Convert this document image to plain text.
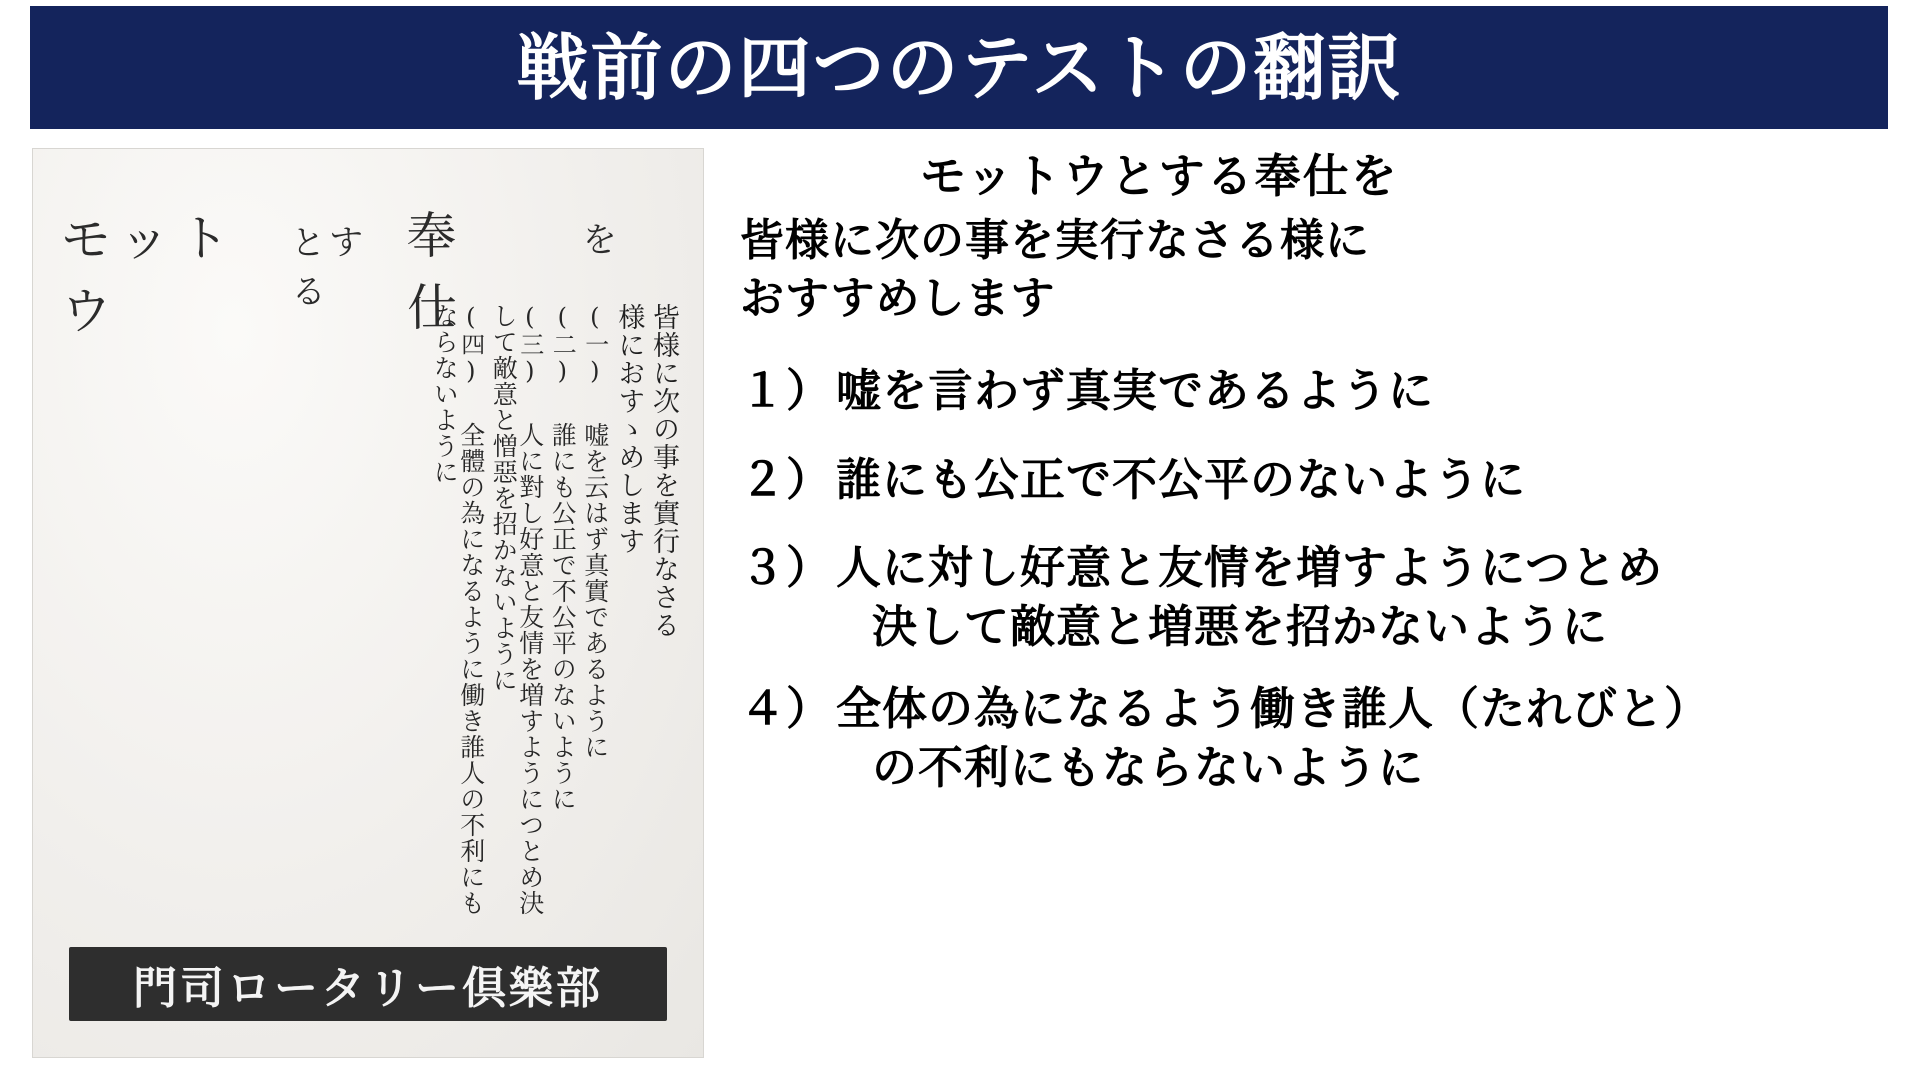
戦前の四つのテストの翻訳
モットウ
とする
奉　仕
を
皆様に次の事を實行なさる
様におすゝめします
(一) 嘘を云はず真實であるように
(二) 誰にも公正で不公平のないように
(三) 人に對し好意と友情を増すようにつとめ決して敵意と憎惡を招かないように
(四) 全體の為になるように働き誰人の不利にもならないように
門司ロータリー倶樂部
モットウとする奉仕を
皆様に次の事を実行なさる様に
おすすめします
１） 嘘を言わず真実であるように
２） 誰にも公正で不公平のないように
３） 人に対し好意と友情を増すようにつとめ
決して敵意と増悪を招かないように
４） 全体の為になるよう働き誰人（たれびと）
の不利にもならないように
